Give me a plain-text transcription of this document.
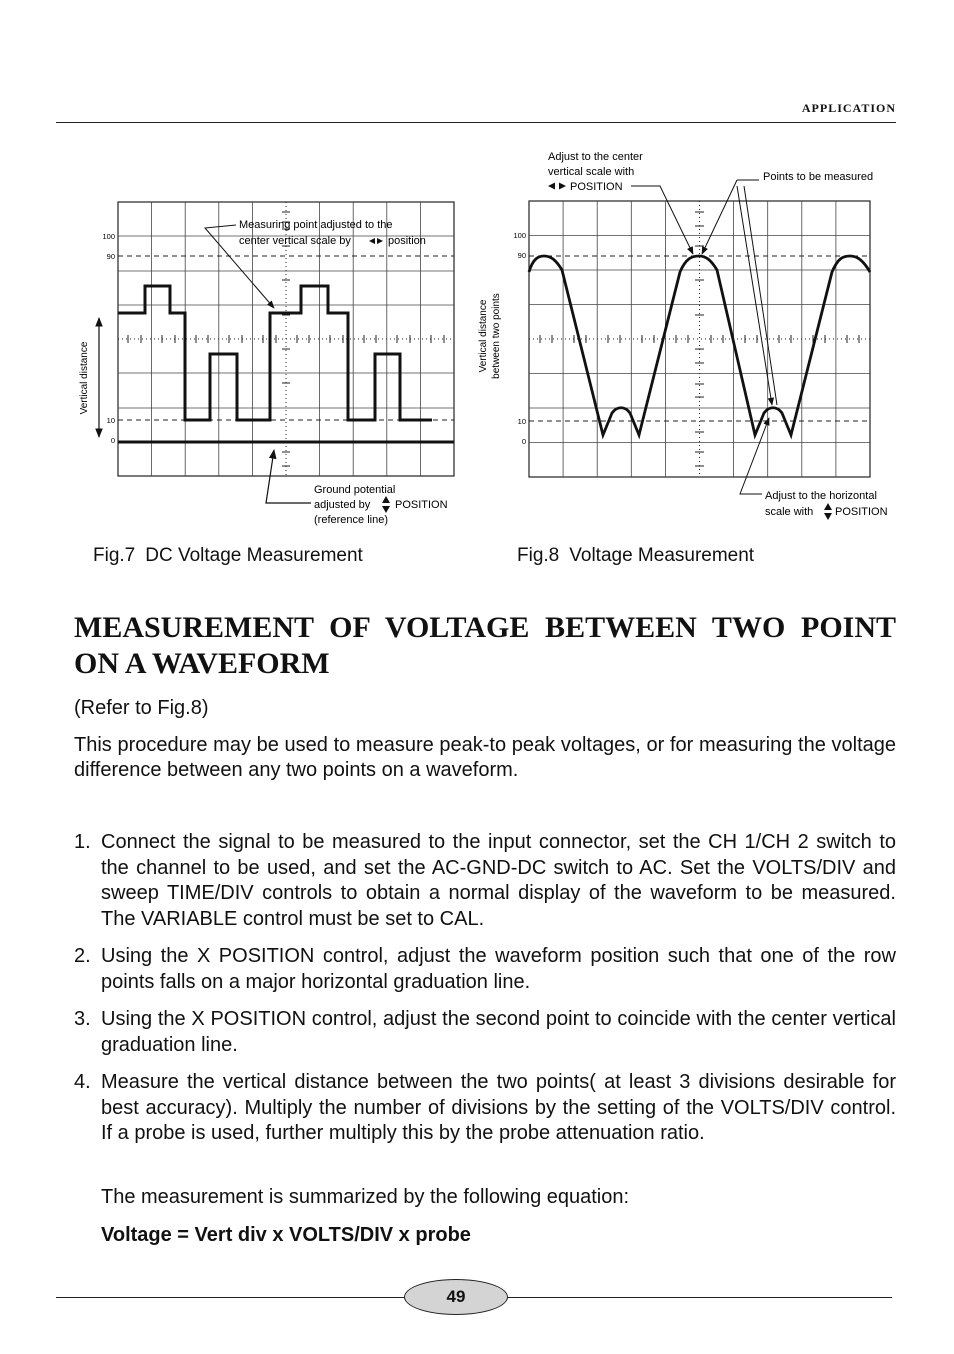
APPLICATION
100
90
10
0
Vertical distance
Measuring point adjusted to the
center vertical scale by	position
Ground potential
adjusted by POSITION
(reference line)
100
90
10
0
Vertical distance between two points
Adjust to the center
vertical scale with
POSITION
Points to be measured
Adjust to the horizontal
scale with POSITION
Fig.7 DC Voltage Measurement	Fig.8 Voltage Measurement
MEASUREMENT OF VOLTAGE BETWEEN TWO POINT ON A WAVEFORM
(Refer to Fig.8)
This procedure may be used to measure peak-to peak voltages, or for measuring the voltage difference between any two points on a waveform.
1. Connect the signal to be measured to the input connector, set the CH 1/CH 2 switch to the channel to be used, and set the AC-GND-DC switch to AC. Set the VOLTS/DIV and sweep TIME/DIV controls to obtain a normal display of the waveform to be measured. The VARIABLE control must be set to CAL.
2. Using the X POSITION control, adjust the waveform position such that one of the row points falls on a major horizontal graduation line.
3. Using the X POSITION control, adjust the second point to coincide with the center vertical graduation line.
4. Measure the vertical distance between the two points( at least 3 divisions desirable for best accuracy). Multiply the number of divisions by the setting of the VOLTS/DIV control. If a probe is used, further multiply this by the probe attenuation ratio.
The measurement is summarized by the following equation:
Voltage = Vert div x VOLTS/DIV x probe
49
